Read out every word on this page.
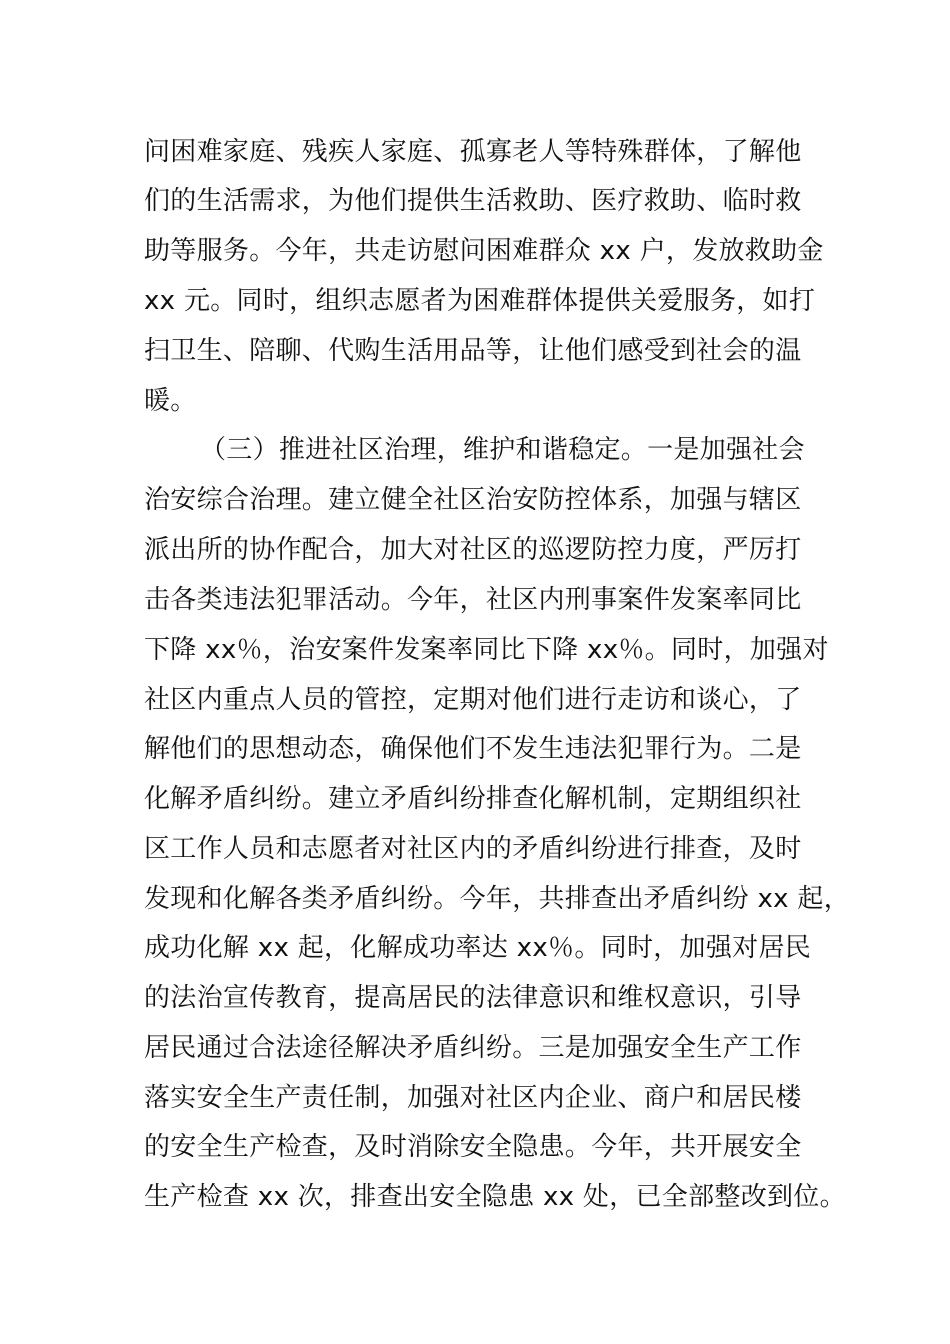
问困难家庭、残疾人家庭、孤寡老人等特殊群体，了解他
们的生活需求，为他们提供生活救助、医疗救助、临时救
助等服务。今年，共走访慰问困难群众 xx 户，发放救助金
xx 元。同时，组织志愿者为困难群体提供关爱服务，如打
扫卫生、陪聊、代购生活用品等，让他们感受到社会的温
暖。
（三）推进社区治理，维护和谐稳定。一是加强社会
治安综合治理。建立健全社区治安防控体系，加强与辖区
派出所的协作配合，加大对社区的巡逻防控力度，严厉打
击各类违法犯罪活动。今年，社区内刑事案件发案率同比
下降 xx％，治安案件发案率同比下降 xx％。同时，加强对
社区内重点人员的管控，定期对他们进行走访和谈心，了
解他们的思想动态，确保他们不发生违法犯罪行为。二是
化解矛盾纠纷。建立矛盾纠纷排查化解机制，定期组织社
区工作人员和志愿者对社区内的矛盾纠纷进行排查，及时
发现和化解各类矛盾纠纷。今年，共排查出矛盾纠纷 xx 起，
成功化解 xx 起，化解成功率达 xx％。同时，加强对居民
的法治宣传教育，提高居民的法律意识和维权意识，引导
居民通过合法途径解决矛盾纠纷。三是加强安全生产工作
落实安全生产责任制，加强对社区内企业、商户和居民楼
的安全生产检查，及时消除安全隐患。今年，共开展安全
生产检查 xx 次，排查出安全隐患 xx 处，已全部整改到位。
